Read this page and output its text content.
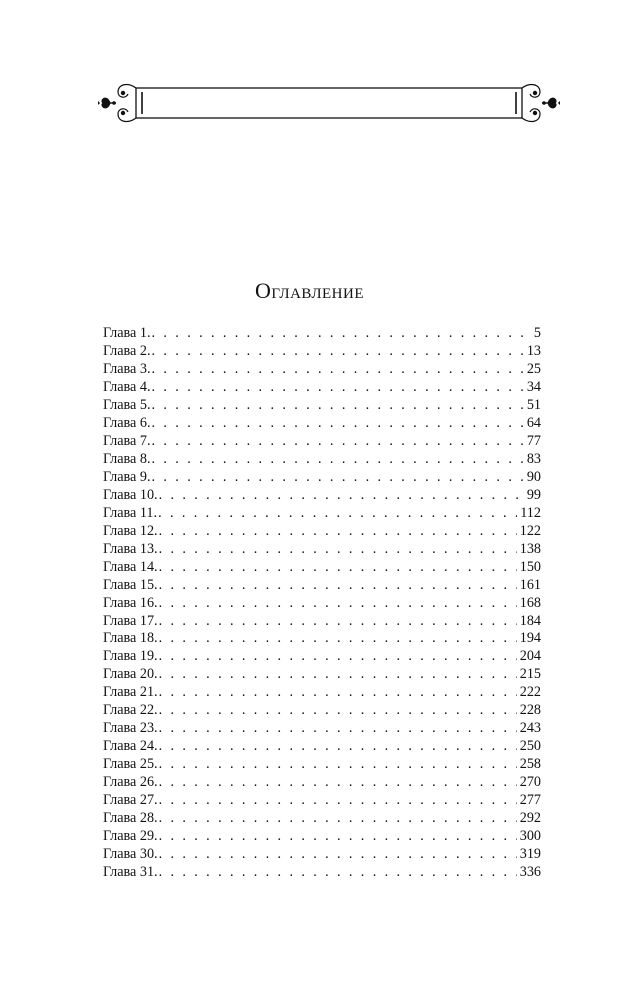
Оглавление
Глава 1. . . .	5
Глава 2. . . .	13
Глава 3. . . .	25
Глава 4. . . .	34
Глава 5. . . .	51
Глава 6. . . .	64
Глава 7. . . .	77
Глава 8. . . .	83
Глава 9. . . .	90
Глава 10. . . .	99
Глава 11. . . .	112
Глава 12. . . .	122
Глава 13. . . .	138
Глава 14. . . .	150
Глава 15. . . .	161
Глава 16. . . .	168
Глава 17. . . .	184
Глава 18. . . .	194
Глава 19. . . .	204
Глава 20. . . .	215
Глава 21. . . .	222
Глава 22. . . .	228
Глава 23. . . .	243
Глава 24. . . .	250
Глава 25. . . .	258
Глава 26. . . .	270
Глава 27. . . .	277
Глава 28. . . .	292
Глава 29. . . .	300
Глава 30. . . .	319
Глава 31. . . .	336
